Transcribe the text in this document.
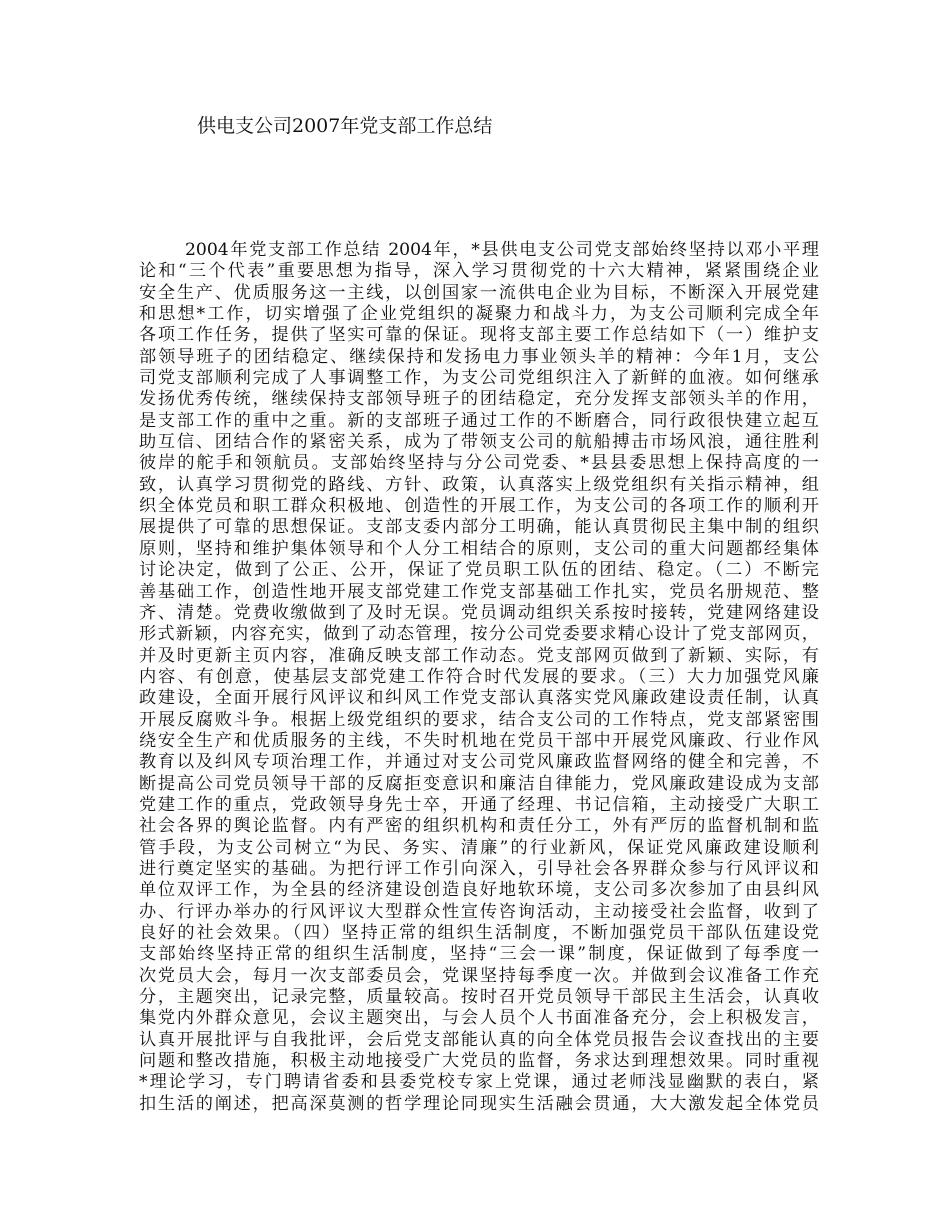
供电支公司2007年党支部工作总结
2004年党支部工作总结 2004年，*县供电支公司党支部始终坚持以邓小平理
论和“三个代表”重要思想为指导，深入学习贯彻党的十六大精神，紧紧围绕企业
安全生产、优质服务这一主线，以创国家一流供电企业为目标，不断深入开展党建
和思想*工作，切实增强了企业党组织的凝聚力和战斗力，为支公司顺利完成全年
各项工作任务，提供了坚实可靠的保证。现将支部主要工作总结如下（一）维护支
部领导班子的团结稳定、继续保持和发扬电力事业领头羊的精神：今年1月，支公
司党支部顺利完成了人事调整工作，为支公司党组织注入了新鲜的血液。如何继承
发扬优秀传统，继续保持支部领导班子的团结稳定，充分发挥支部领头羊的作用，
是支部工作的重中之重。新的支部班子通过工作的不断磨合，同行政很快建立起互
助互信、团结合作的紧密关系，成为了带领支公司的航船搏击市场风浪，通往胜利
彼岸的舵手和领航员。支部始终坚持与分公司党委、*县县委思想上保持高度的一
致，认真学习贯彻党的路线、方针、政策，认真落实上级党组织有关指示精神，组
织全体党员和职工群众积极地、创造性的开展工作，为支公司的各项工作的顺利开
展提供了可靠的思想保证。支部支委内部分工明确，能认真贯彻民主集中制的组织
原则，坚持和维护集体领导和个人分工相结合的原则，支公司的重大问题都经集体
讨论决定，做到了公正、公开，保证了党员职工队伍的团结、稳定。（二）不断完
善基础工作，创造性地开展支部党建工作党支部基础工作扎实，党员名册规范、整
齐、清楚。党费收缴做到了及时无误。党员调动组织关系按时接转，党建网络建设
形式新颖，内容充实，做到了动态管理，按分公司党委要求精心设计了党支部网页，
并及时更新主页内容，准确反映支部工作动态。党支部网页做到了新颖、实际，有
内容、有创意，使基层支部党建工作符合时代发展的要求。（三）大力加强党风廉
政建设，全面开展行风评议和纠风工作党支部认真落实党风廉政建设责任制，认真
开展反腐败斗争。根据上级党组织的要求，结合支公司的工作特点，党支部紧密围
绕安全生产和优质服务的主线，不失时机地在党员干部中开展党风廉政、行业作风
教育以及纠风专项治理工作，并通过对支公司党风廉政监督网络的健全和完善，不
断提高公司党员领导干部的反腐拒变意识和廉洁自律能力，党风廉政建设成为支部
党建工作的重点，党政领导身先士卒，开通了经理、书记信箱，主动接受广大职工
社会各界的舆论监督。内有严密的组织机构和责任分工，外有严厉的监督机制和监
管手段，为支公司树立“为民、务实、清廉”的行业新风，保证党风廉政建设顺利
进行奠定坚实的基础。为把行评工作引向深入，引导社会各界群众参与行风评议和
单位双评工作，为全县的经济建设创造良好地软环境，支公司多次参加了由县纠风
办、行评办举办的行风评议大型群众性宣传咨询活动，主动接受社会监督，收到了
良好的社会效果。（四）坚持正常的组织生活制度，不断加强党员干部队伍建设党
支部始终坚持正常的组织生活制度，坚持“三会一课”制度，保证做到了每季度一
次党员大会，每月一次支部委员会，党课坚持每季度一次。并做到会议准备工作充
分，主题突出，记录完整，质量较高。按时召开党员领导干部民主生活会，认真收
集党内外群众意见，会议主题突出，与会人员个人书面准备充分，会上积极发言，
认真开展批评与自我批评，会后党支部能认真的向全体党员报告会议查找出的主要
问题和整改措施，积极主动地接受广大党员的监督，务求达到理想效果。同时重视
*理论学习，专门聘请省委和县委党校专家上党课，通过老师浅显幽默的表白，紧
扣生活的阐述，把高深莫测的哲学理论同现实生活融会贯通，大大激发起全体党员
